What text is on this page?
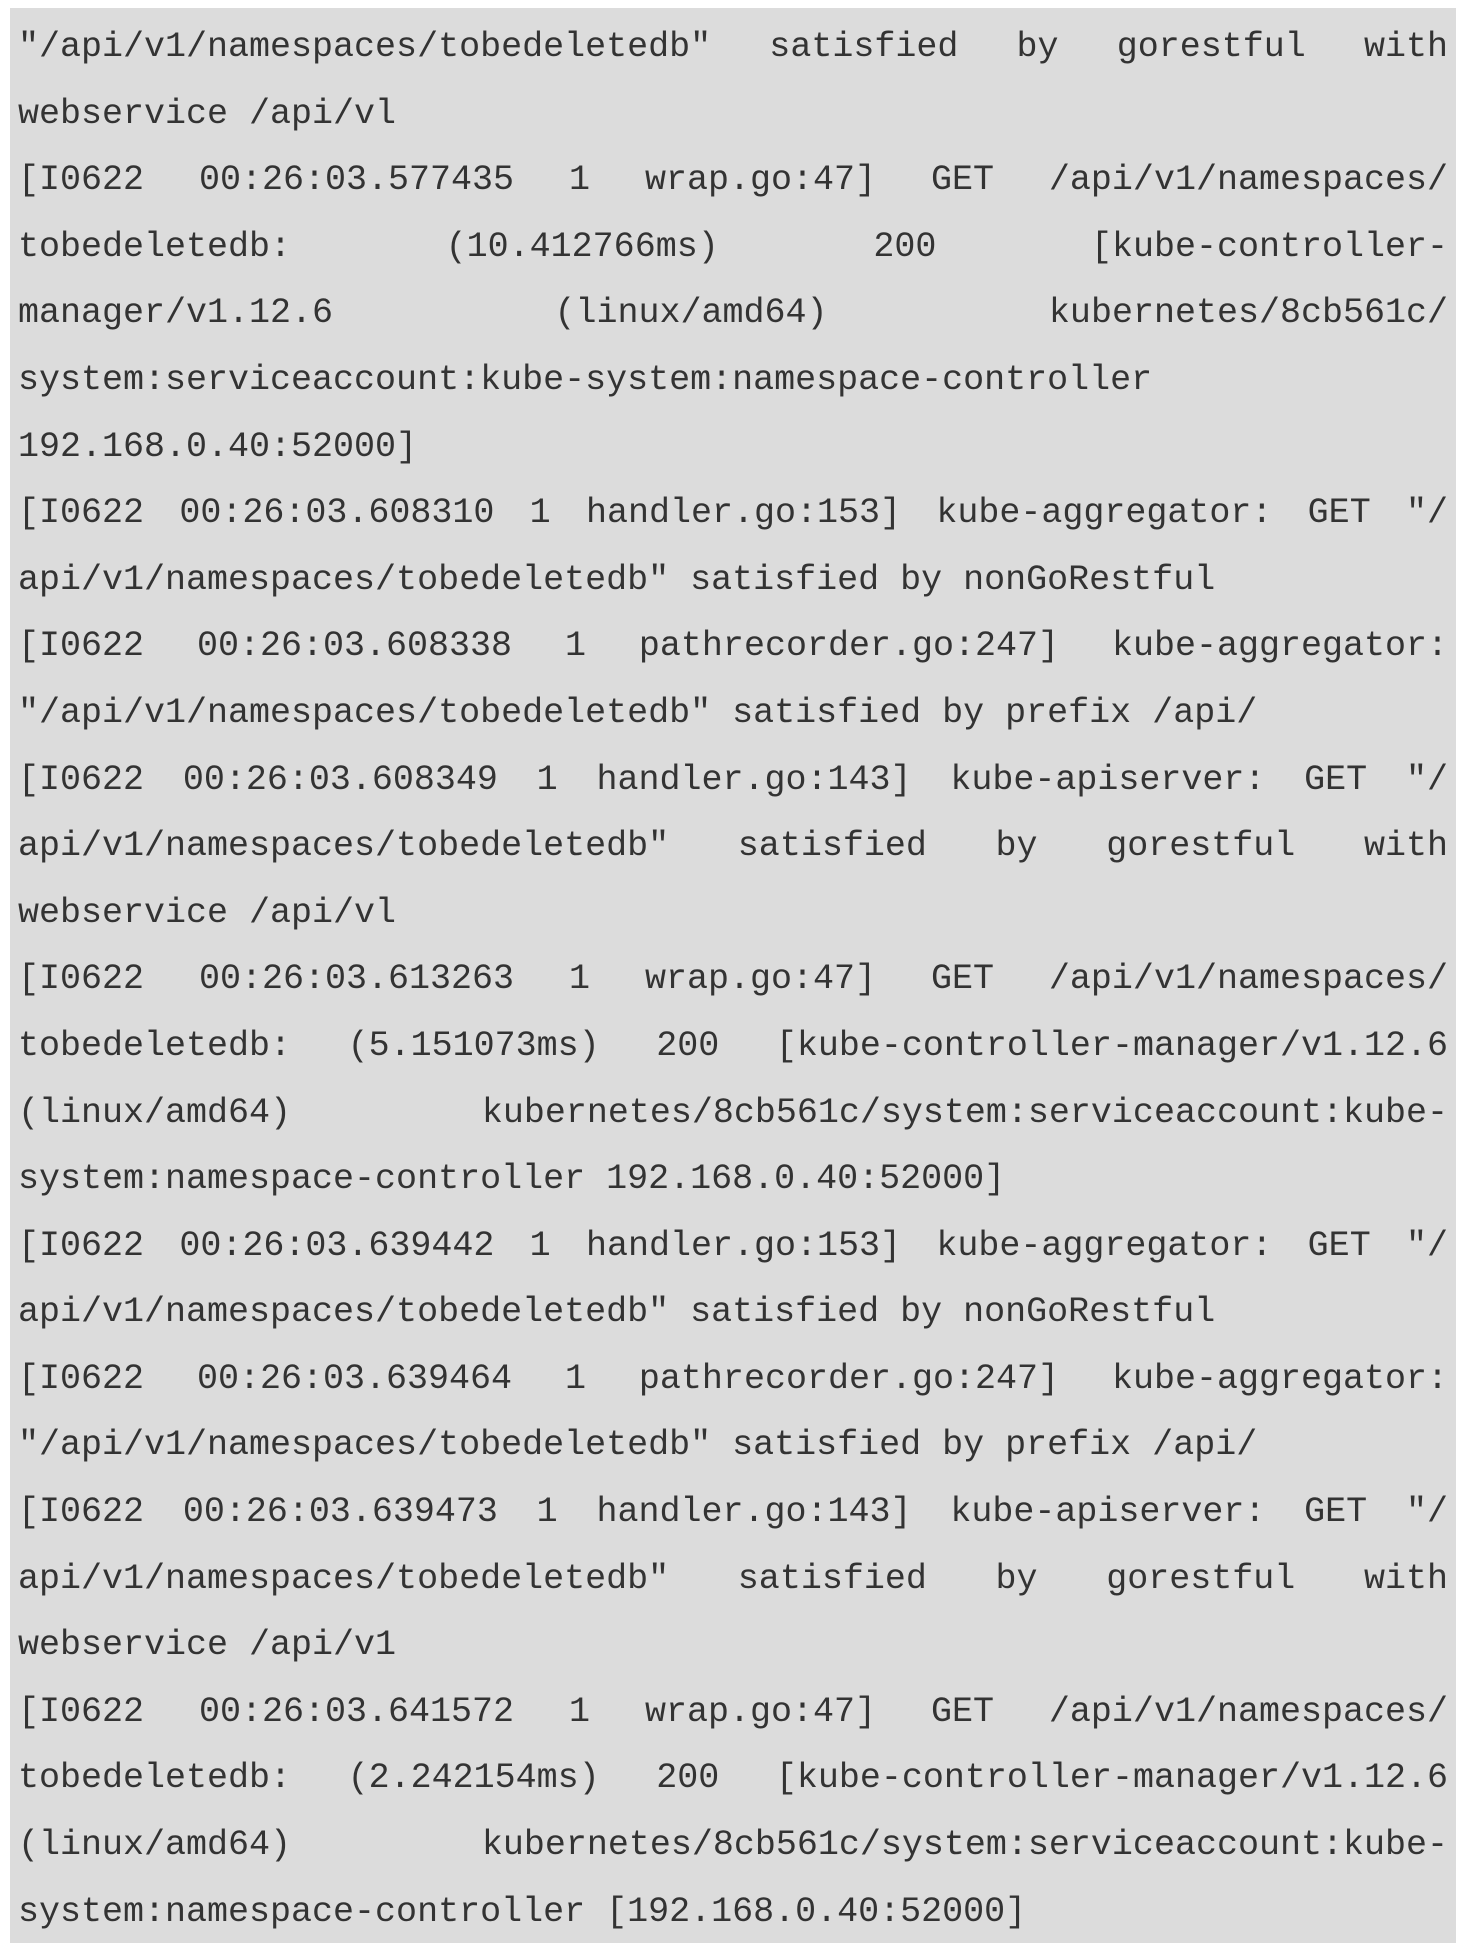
"/api/v1/namespaces/tobedeletedb" satisfied by gorestful with
webservice /api/vl
[I0622 00:26:03.577435 1 wrap.go:47] GET /api/v1/namespaces/
tobedeletedb: (10.412766ms) 200 [kube-controller-
manager/v1.12.6 (linux/amd64) kubernetes/8cb561c/
system:serviceaccount:kube-system:namespace-controller
192.168.0.40:52000]
[I0622 00:26:03.608310 1 handler.go:153] kube-aggregator: GET "/
api/v1/namespaces/tobedeletedb" satisfied by nonGoRestful
[I0622 00:26:03.608338 1 pathrecorder.go:247] kube-aggregator:
"/api/v1/namespaces/tobedeletedb" satisfied by prefix /api/
[I0622 00:26:03.608349 1 handler.go:143] kube-apiserver: GET "/
api/v1/namespaces/tobedeletedb" satisfied by gorestful with
webservice /api/vl
[I0622 00:26:03.613263 1 wrap.go:47] GET /api/v1/namespaces/
tobedeletedb: (5.151073ms) 200 [kube-controller-manager/v1.12.6
(linux/amd64) kubernetes/8cb561c/system:serviceaccount:kube-
system:namespace-controller 192.168.0.40:52000]
[I0622 00:26:03.639442 1 handler.go:153] kube-aggregator: GET "/
api/v1/namespaces/tobedeletedb" satisfied by nonGoRestful
[I0622 00:26:03.639464 1 pathrecorder.go:247] kube-aggregator:
"/api/v1/namespaces/tobedeletedb" satisfied by prefix /api/
[I0622 00:26:03.639473 1 handler.go:143] kube-apiserver: GET "/
api/v1/namespaces/tobedeletedb" satisfied by gorestful with
webservice /api/v1
[I0622 00:26:03.641572 1 wrap.go:47] GET /api/v1/namespaces/
tobedeletedb: (2.242154ms) 200 [kube-controller-manager/v1.12.6
(linux/amd64) kubernetes/8cb561c/system:serviceaccount:kube-
system:namespace-controller [192.168.0.40:52000]
